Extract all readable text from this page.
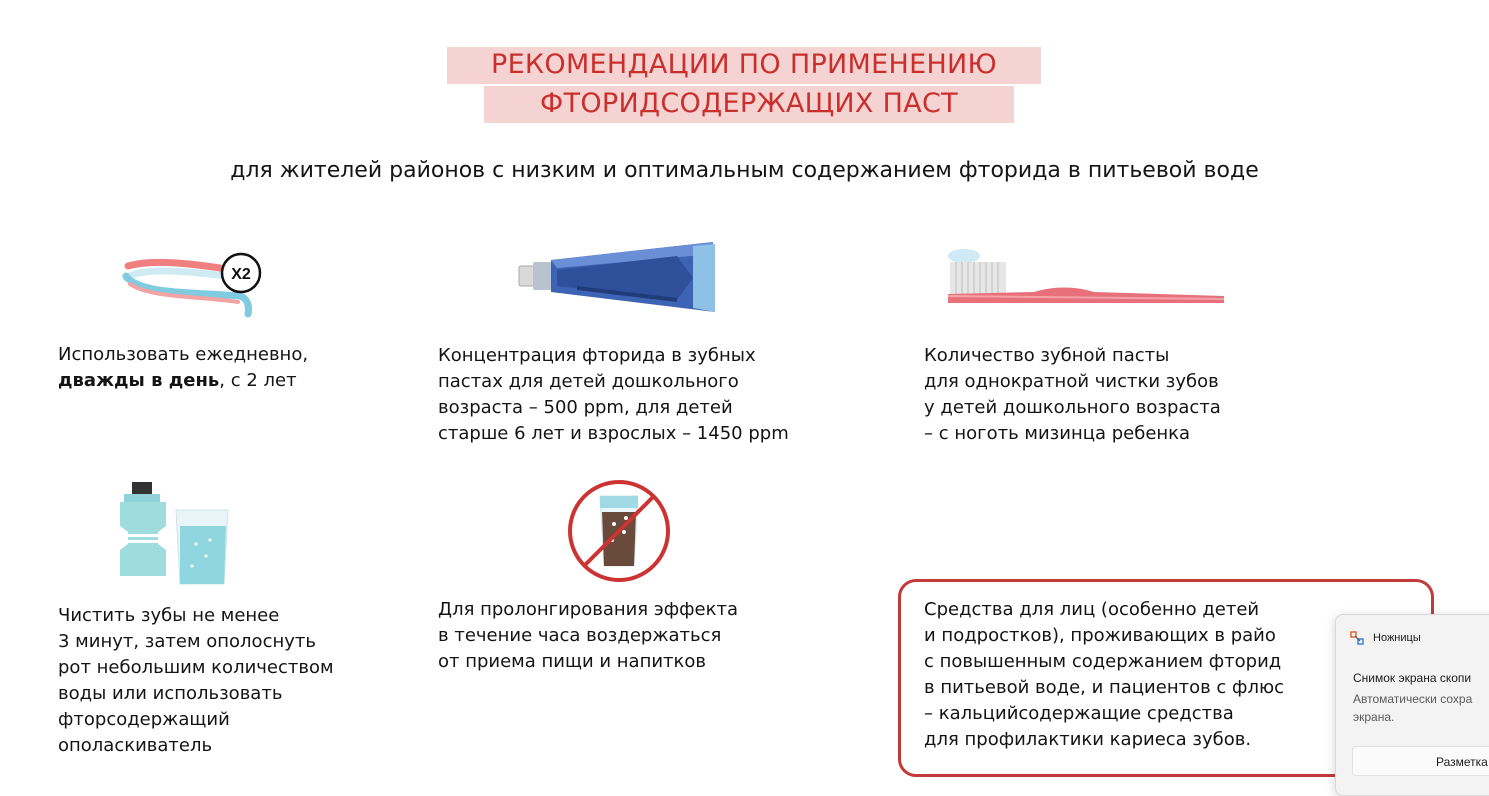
РЕКОМЕНДАЦИИ ПО ПРИМЕНЕНИЮ
ФТОРИДСОДЕРЖАЩИХ ПАСТ
для жителей районов с низким и оптимальным содержанием фторида в питьевой воде
X2
Использовать ежедневно,
дважды в день, с 2 лет
Концентрация фторида в зубных
пастах для детей дошкольного
возраста – 500 ppm, для детей
старше 6 лет и взрослых – 1450 ppm
Количество зубной пасты
для однократной чистки зубов
у детей дошкольного возраста
– с ноготь мизинца ребенка
Чистить зубы не менее
3 минут, затем ополоснуть
рот небольшим количеством
воды или использовать
фторсодержащий
ополаскиватель
Для пролонгирования эффекта
в течение часа воздержаться
от приема пищи и напитков
Средства для лиц (особенно детей
и подростков), проживающих в райо
с повышенным содержанием фторид
в питьевой воде, и пациентов с флюс
– кальцийсодержащие средства
для профилактики кариеса зубов.
Ножницы
Снимок экрана скопи
Автоматически сохра
экрана.
Разметка
